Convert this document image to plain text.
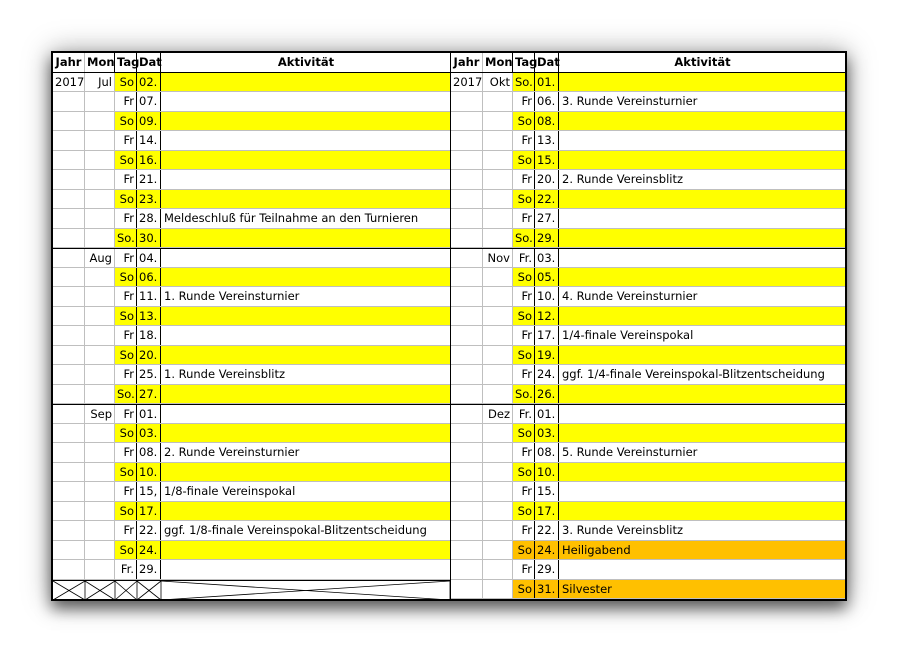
Jahr Mon Tag Dat	Aktivität
2017	Jul So 02.
Fr 07.
So 09.
Fr 14.
So 16.
Fr 21.
So 23.
Fr 28. Meldeschluß für Teilnahme an den Turnieren
So. 30.
Aug Fr 04.
So 06.
Fr 11. 1. Runde Vereinsturnier
So 13.
Fr 18.
So 20.
Fr 25. 1. Runde Vereinsblitz
So. 27.
Sep Fr 01.
So 03.
Fr 08. 2. Runde Vereinsturnier
So 10.
Fr 15, 1/8-finale Vereinspokal
So 17.
Fr 22. ggf. 1/8-finale Vereinspokal-Blitzentscheidung
So 24.
Fr. 29.
Jahr Mon Tag Dat	Aktivität
2017 Okt So. 01.
Fr 06. 3. Runde Vereinsturnier
So 08.
Fr 13.
So 15.
Fr 20. 2. Runde Vereinsblitz
So 22.
Fr 27.
So. 29.
Nov Fr. 03.
So 05.
Fr 10. 4. Runde Vereinsturnier
So 12.
Fr 17. 1/4-finale Vereinspokal
So 19.
Fr 24. ggf. 1/4-finale Vereinspokal-Blitzentscheidung
So. 26.
Dez Fr. 01.
So 03.
Fr 08. 5. Runde Vereinsturnier
So 10.
Fr 15.
So 17.
Fr 22. 3. Runde Vereinsblitz
So 24. Heiligabend
Fr 29.
So 31. Silvester
